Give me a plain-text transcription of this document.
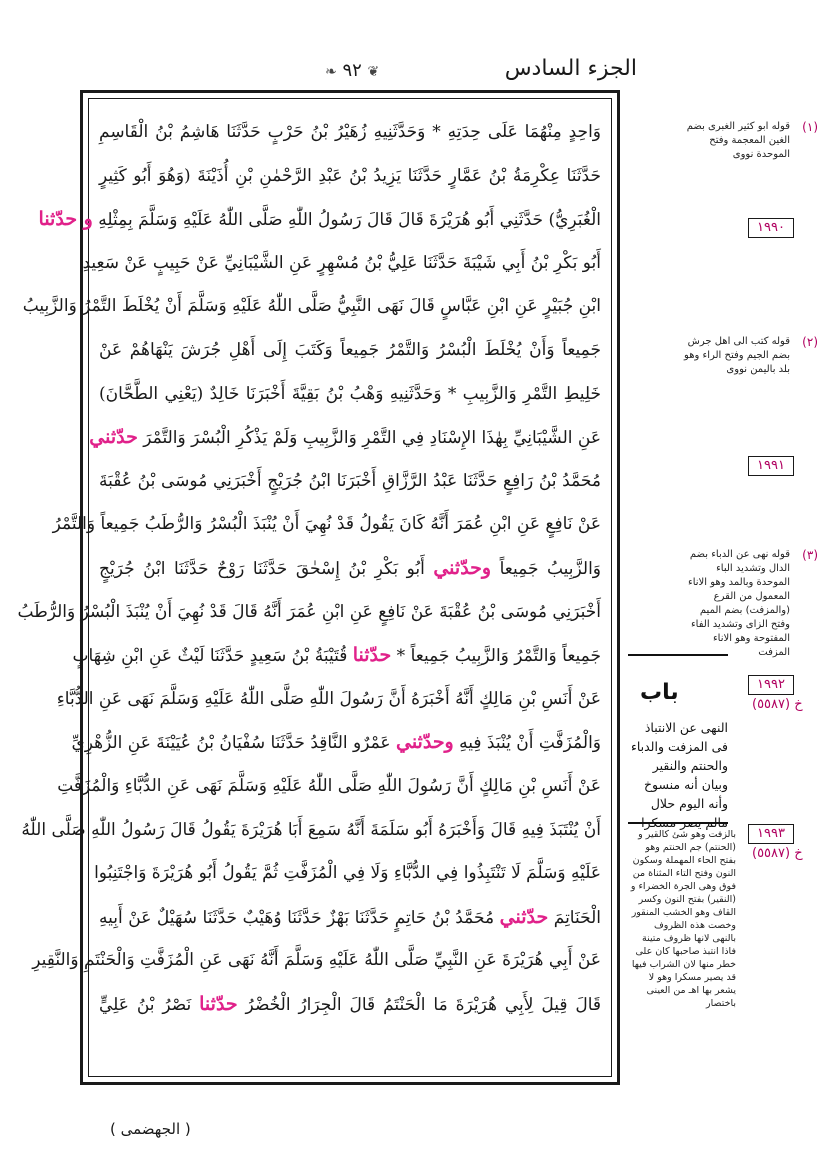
الجزء السادس
❦ ٩٢ ❧
وَاحِدٍ مِنْهُمَا عَلَى حِدَتِهِ * وَحَدَّثَنِيهِ زُهَيْرُ بْنُ حَرْبٍ حَدَّثَنَا هَاشِمُ بْنُ الْقَاسِمِ
حَدَّثَنَا عِكْرِمَةُ بْنُ عَمَّارٍ حَدَّثَنَا يَزِيدُ بْنُ عَبْدِ الرَّحْمٰنِ بْنِ أُذَيْنَةَ (وَهُوَ أَبُو كَثِيرٍ
الْغُبَرِيُّ) حَدَّثَنِي أَبُو هُرَيْرَةَ قَالَ قَالَ رَسُولُ اللّٰهِ صَلَّى اللّٰهُ عَلَيْهِ وَسَلَّمَ بِمِثْلِهِ و حدّثنا
أَبُو بَكْرِ بْنُ أَبِي شَيْبَةَ حَدَّثَنَا عَلِيُّ بْنُ مُسْهِرٍ عَنِ الشَّيْبَانِيِّ عَنْ حَبِيبٍ عَنْ سَعِيدِ
ابْنِ جُبَيْرٍ عَنِ ابْنِ عَبَّاسٍ قَالَ نَهَى النَّبِيُّ صَلَّى اللّٰهُ عَلَيْهِ وَسَلَّمَ أَنْ يُخْلَطَ التَّمْرُ وَالزَّبِيبُ
جَمِيعاً وَأَنْ يُخْلَطَ الْبُسْرُ وَالتَّمْرُ جَمِيعاً وَكَتَبَ إِلَى أَهْلِ جُرَشَ يَنْهَاهُمْ عَنْ
خَلِيطِ التَّمْرِ وَالزَّبِيبِ * وَحَدَّثَنِيهِ وَهْبُ بْنُ بَقِيَّةَ أَخْبَرَنَا خَالِدٌ (يَعْنِي الطَّحَّانَ)
عَنِ الشَّيْبَانِيِّ بِهٰذَا الإِسْنَادِ فِي التَّمْرِ وَالزَّبِيبِ وَلَمْ يَذْكُرِ الْبُسْرَ وَالتَّمْرَ حدّثني
مُحَمَّدُ بْنُ رَافِعٍ حَدَّثَنَا عَبْدُ الرَّزَّاقِ أَخْبَرَنَا ابْنُ جُرَيْجٍ أَخْبَرَنِي مُوسَى بْنُ عُقْبَةَ
عَنْ نَافِعٍ عَنِ ابْنِ عُمَرَ أَنَّهُ كَانَ يَقُولُ قَدْ نُهِيَ أَنْ يُنْبَذَ الْبُسْرُ وَالرُّطَبُ جَمِيعاً وَالتَّمْرُ
وَالزَّبِيبُ جَمِيعاً وحدّثني أَبُو بَكْرِ بْنُ إِسْحٰقَ حَدَّثَنَا رَوْحٌ حَدَّثَنَا ابْنُ جُرَيْجٍ
أَخْبَرَنِي مُوسَى بْنُ عُقْبَةَ عَنْ نَافِعٍ عَنِ ابْنِ عُمَرَ أَنَّهُ قَالَ قَدْ نُهِيَ أَنْ يُنْبَذَ الْبُسْرُ وَالرُّطَبُ
جَمِيعاً وَالتَّمْرُ وَالزَّبِيبُ جَمِيعاً * حدّثنا قُتَيْبَةُ بْنُ سَعِيدٍ حَدَّثَنَا لَيْثٌ عَنِ ابْنِ شِهَابٍ
عَنْ أَنَسِ بْنِ مَالِكٍ أَنَّهُ أَخْبَرَهُ أَنَّ رَسُولَ اللّٰهِ صَلَّى اللّٰهُ عَلَيْهِ وَسَلَّمَ نَهَى عَنِ الدُّبَّاءِ
وَالْمُزَفَّتِ أَنْ يُنْبَذَ فِيهِ وحدّثني عَمْرٌو النَّاقِدُ حَدَّثَنَا سُفْيَانُ بْنُ عُيَيْنَةَ عَنِ الزُّهْرِيِّ
عَنْ أَنَسِ بْنِ مَالِكٍ أَنَّ رَسُولَ اللّٰهِ صَلَّى اللّٰهُ عَلَيْهِ وَسَلَّمَ نَهَى عَنِ الدُّبَّاءِ وَالْمُزَفَّتِ
أَنْ يُنْتَبَذَ فِيهِ قَالَ وَأَخْبَرَهُ أَبُو سَلَمَةَ أَنَّهُ سَمِعَ أَبَا هُرَيْرَةَ يَقُولُ قَالَ رَسُولُ اللّٰهِ صَلَّى اللّٰهُ
عَلَيْهِ وَسَلَّمَ لَا تَنْتَبِذُوا فِي الدُّبَّاءِ وَلَا فِي الْمُزَفَّتِ ثُمَّ يَقُولُ أَبُو هُرَيْرَةَ وَاجْتَنِبُوا
الْحَنَاتِمَ حدّثني مُحَمَّدُ بْنُ حَاتِمٍ حَدَّثَنَا بَهْزٌ حَدَّثَنَا وُهَيْبٌ حَدَّثَنَا سُهَيْلٌ عَنْ أَبِيهِ
عَنْ أَبِي هُرَيْرَةَ عَنِ النَّبِيِّ صَلَّى اللّٰهُ عَلَيْهِ وَسَلَّمَ أَنَّهُ نَهَى عَنِ الْمُزَفَّتِ وَالْحَنْتَمِ وَالنَّقِيرِ
قَالَ قِيلَ لِأَبِي هُرَيْرَةَ مَا الْحَنْتَمُ قَالَ الْجِرَارُ الْخُضْرُ حدّثنا نَصْرُ بْنُ عَلِيٍّ
(١)
قوله ابو كثير الغبرى بضم الغين المعجمة وفتح الموحدة نووى
(٢)
قوله كتب الى اهل جرش بضم الجيم وفتح الراء وهو بلد باليمن نووى
(٣)
قوله نهى عن الدباء بضم الدال وتشديد الباء الموحدة وبالمد وهو الاناء المعمول من القرع (والمزفت) بضم الميم وفتح الزاى وتشديد الفاء المفتوحة وهو الاناء المزفت
١٩٩٠
١٩٩١
١٩٩٢
خ (٥٥٨٧)
١٩٩٣
خ (٥٥٨٧)
باب
النهى عن الانتباذ فى المزفت والدباء والحنتم والنقير وبيان أنه منسوخ وأنه اليوم حلال مالم يصر مسكرا
بالزفت وهو شئ كالقير و (الحنتم) جم الحنتم وهو بفتح الحاء المهملة وسكون النون وفتح التاء المثناة من فوق وهى الجرة الخضراء و (النقير) بفتح النون وكسر القاف وهو الخشب المنقور وخصت هذه الظروف بالنهى لانها ظروف متينة فاذا انتبذ صاحبها كان على خطر منها لان الشراب فيها قد يصير مسكرا وهو لا يشعر بها اهـ من العينى باختصار
( الجهضمى )
